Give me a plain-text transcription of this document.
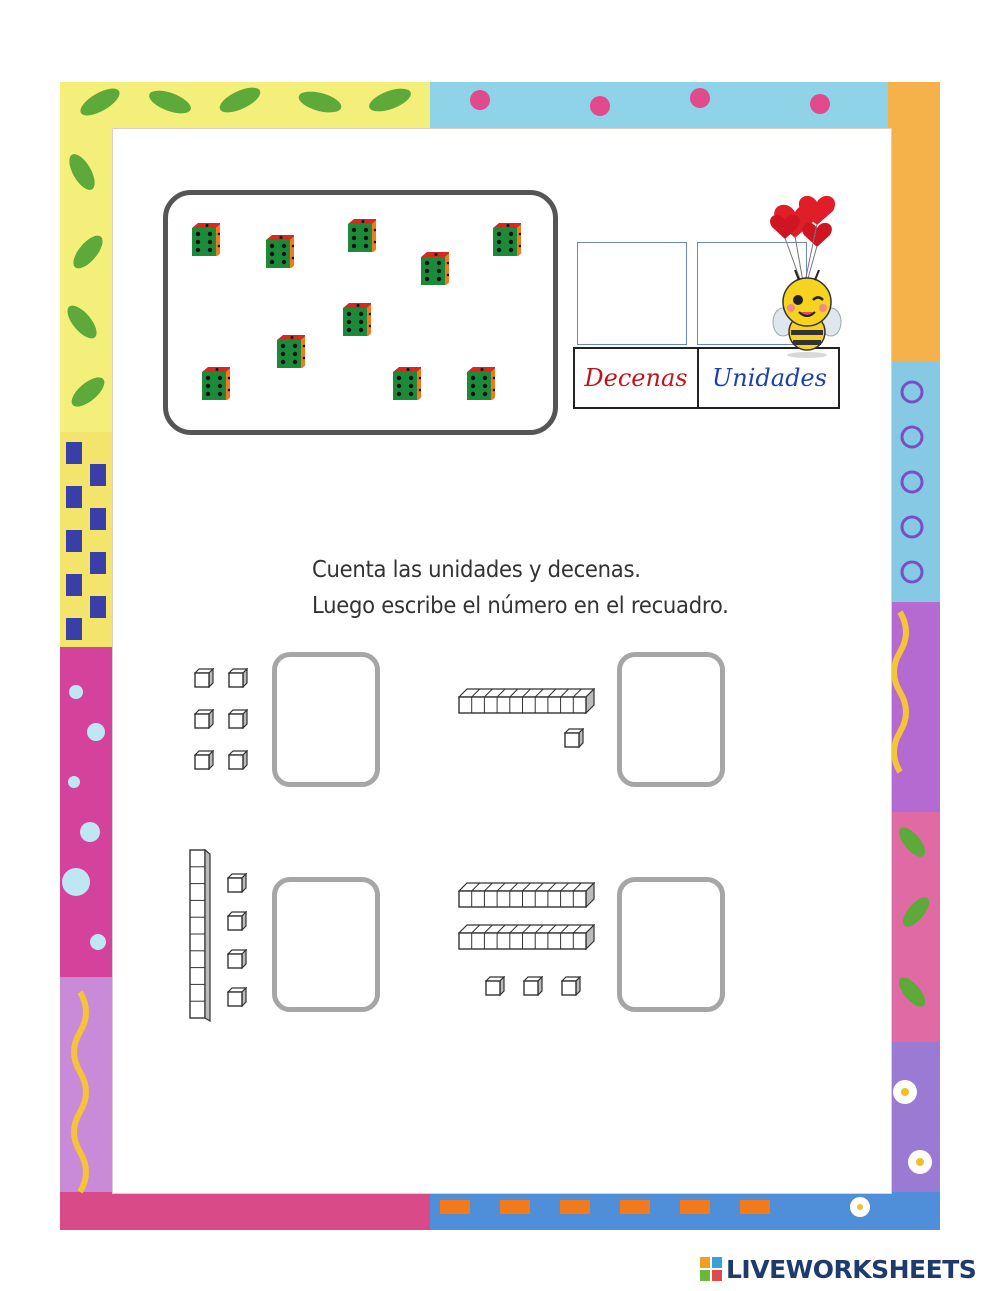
Decenas	Unidades
Cuenta las unidades y decenas.
Luego escribe el número en el recuadro.
LIVEWORKSHEETS
